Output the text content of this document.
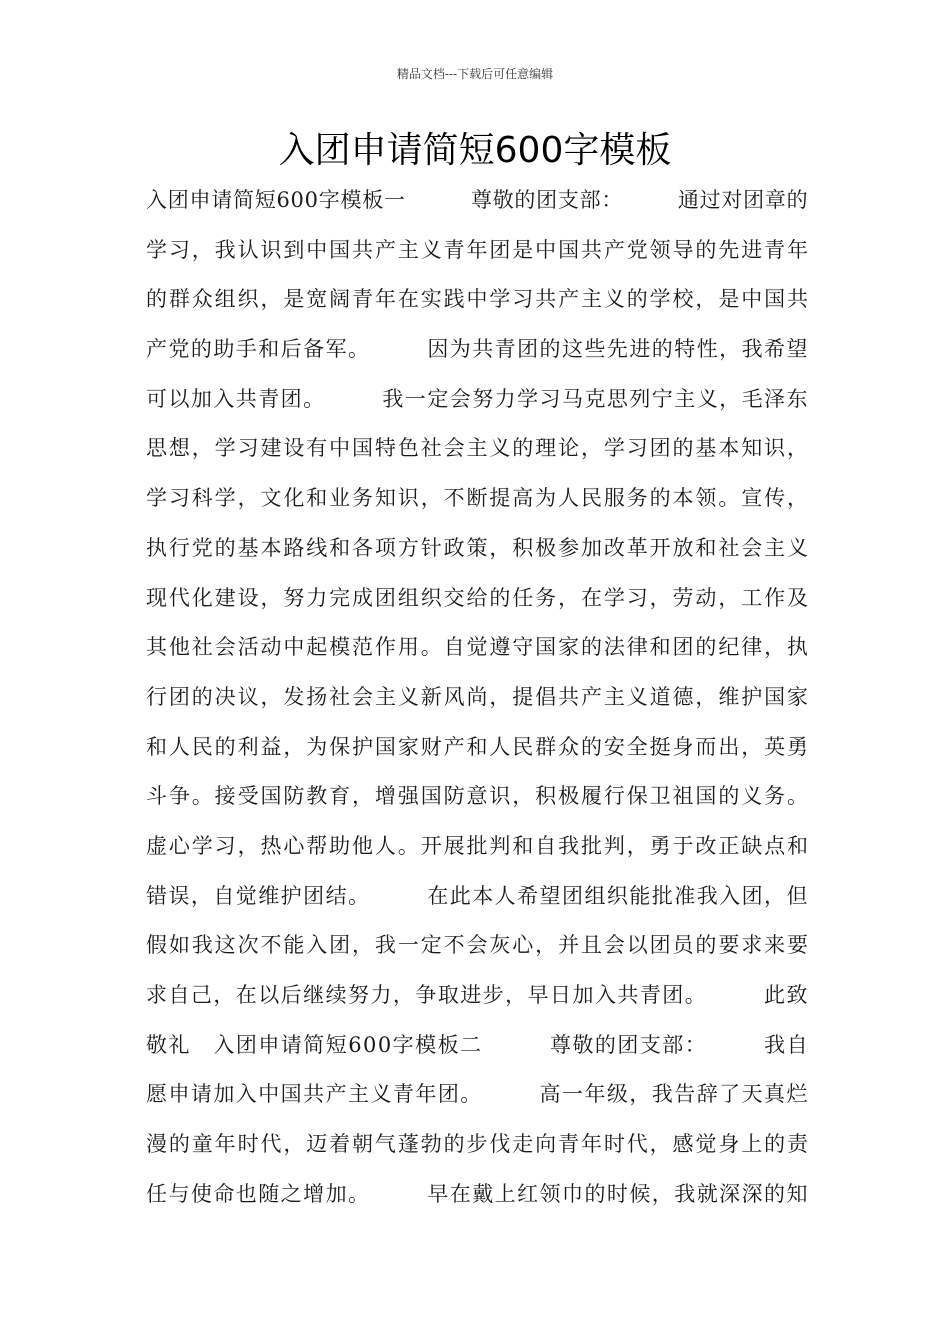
精品文档---下载后可任意编辑
入团申请简短600字模板
入团申请简短600字模板一　　　尊敬的团支部：　　　通过对团章的
学习，我认识到中国共产主义青年团是中国共产党领导的先进青年
的群众组织，是宽阔青年在实践中学习共产主义的学校，是中国共
产党的助手和后备军。　　　因为共青团的这些先进的特性，我希望
可以加入共青团。　　　我一定会努力学习马克思列宁主义，毛泽东
思想，学习建设有中国特色社会主义的理论，学习团的基本知识，
学习科学，文化和业务知识，不断提高为人民服务的本领。宣传，
执行党的基本路线和各项方针政策，积极参加改革开放和社会主义
现代化建设，努力完成团组织交给的任务，在学习，劳动，工作及
其他社会活动中起模范作用。自觉遵守国家的法律和团的纪律，执
行团的决议，发扬社会主义新风尚，提倡共产主义道德，维护国家
和人民的利益，为保护国家财产和人民群众的安全挺身而出，英勇
斗争。接受国防教育，增强国防意识，积极履行保卫祖国的义务。
虚心学习，热心帮助他人。开展批判和自我批判，勇于改正缺点和
错误，自觉维护团结。　　　在此本人希望团组织能批准我入团，但
假如我这次不能入团，我一定不会灰心，并且会以团员的要求来要
求自己，在以后继续努力，争取进步，早日加入共青团。　　　此致
敬礼　入团申请简短600字模板二　　　尊敬的团支部：　　　我自
愿申请加入中国共产主义青年团。　　　高一年级，我告辞了天真烂
漫的童年时代，迈着朝气蓬勃的步伐走向青年时代，感觉身上的责
任与使命也随之增加。　　　早在戴上红领巾的时候，我就深深的知
